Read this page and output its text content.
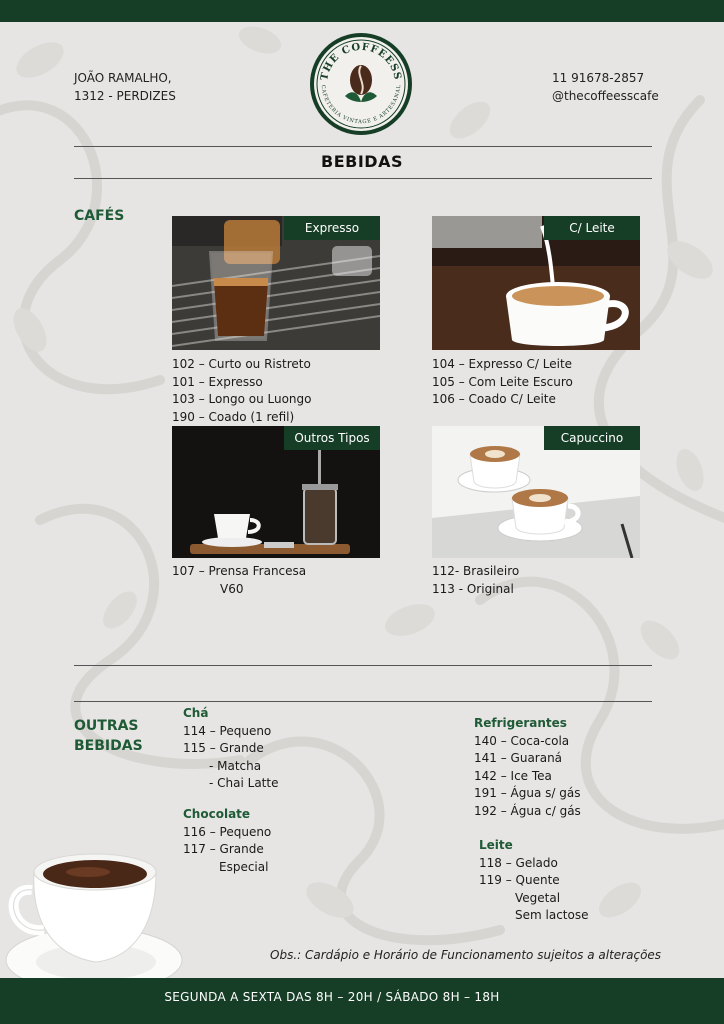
JOÃO RAMALHO,
1312 - PERDIZES
THE COFFEESS
CAFETERIA VINTAGE E ARTESANAL
11 91678-2857
@thecoffeesscafe
BEBIDAS
CAFÉS
Expresso	C/ Leite
102 – Curto ou Ristreto
101 – Expresso
103 – Longo ou Luongo
190 – Coado (1 refil)
104 – Expresso C/ Leite
105 – Com Leite Escuro
106 – Coado C/ Leite
Outros Tipos	Capuccino
107 – Prensa Francesa
V60
112- Brasileiro
113 - Original
OUTRAS
BEBIDAS
Chá
114 – Pequeno
115 – Grande
- Matcha
- Chai Latte
Chocolate
116 – Pequeno
117 – Grande
Especial
Refrigerantes
140 – Coca-cola
141 – Guaraná
142 – Ice Tea
191 – Água s/ gás
192 – Água c/ gás
Leite
118 – Gelado
119 – Quente
Vegetal
Sem lactose
Obs.: Cardápio e Horário de Funcionamento sujeitos a alterações
SEGUNDA A SEXTA DAS 8H – 20H / SÁBADO 8H – 18H
